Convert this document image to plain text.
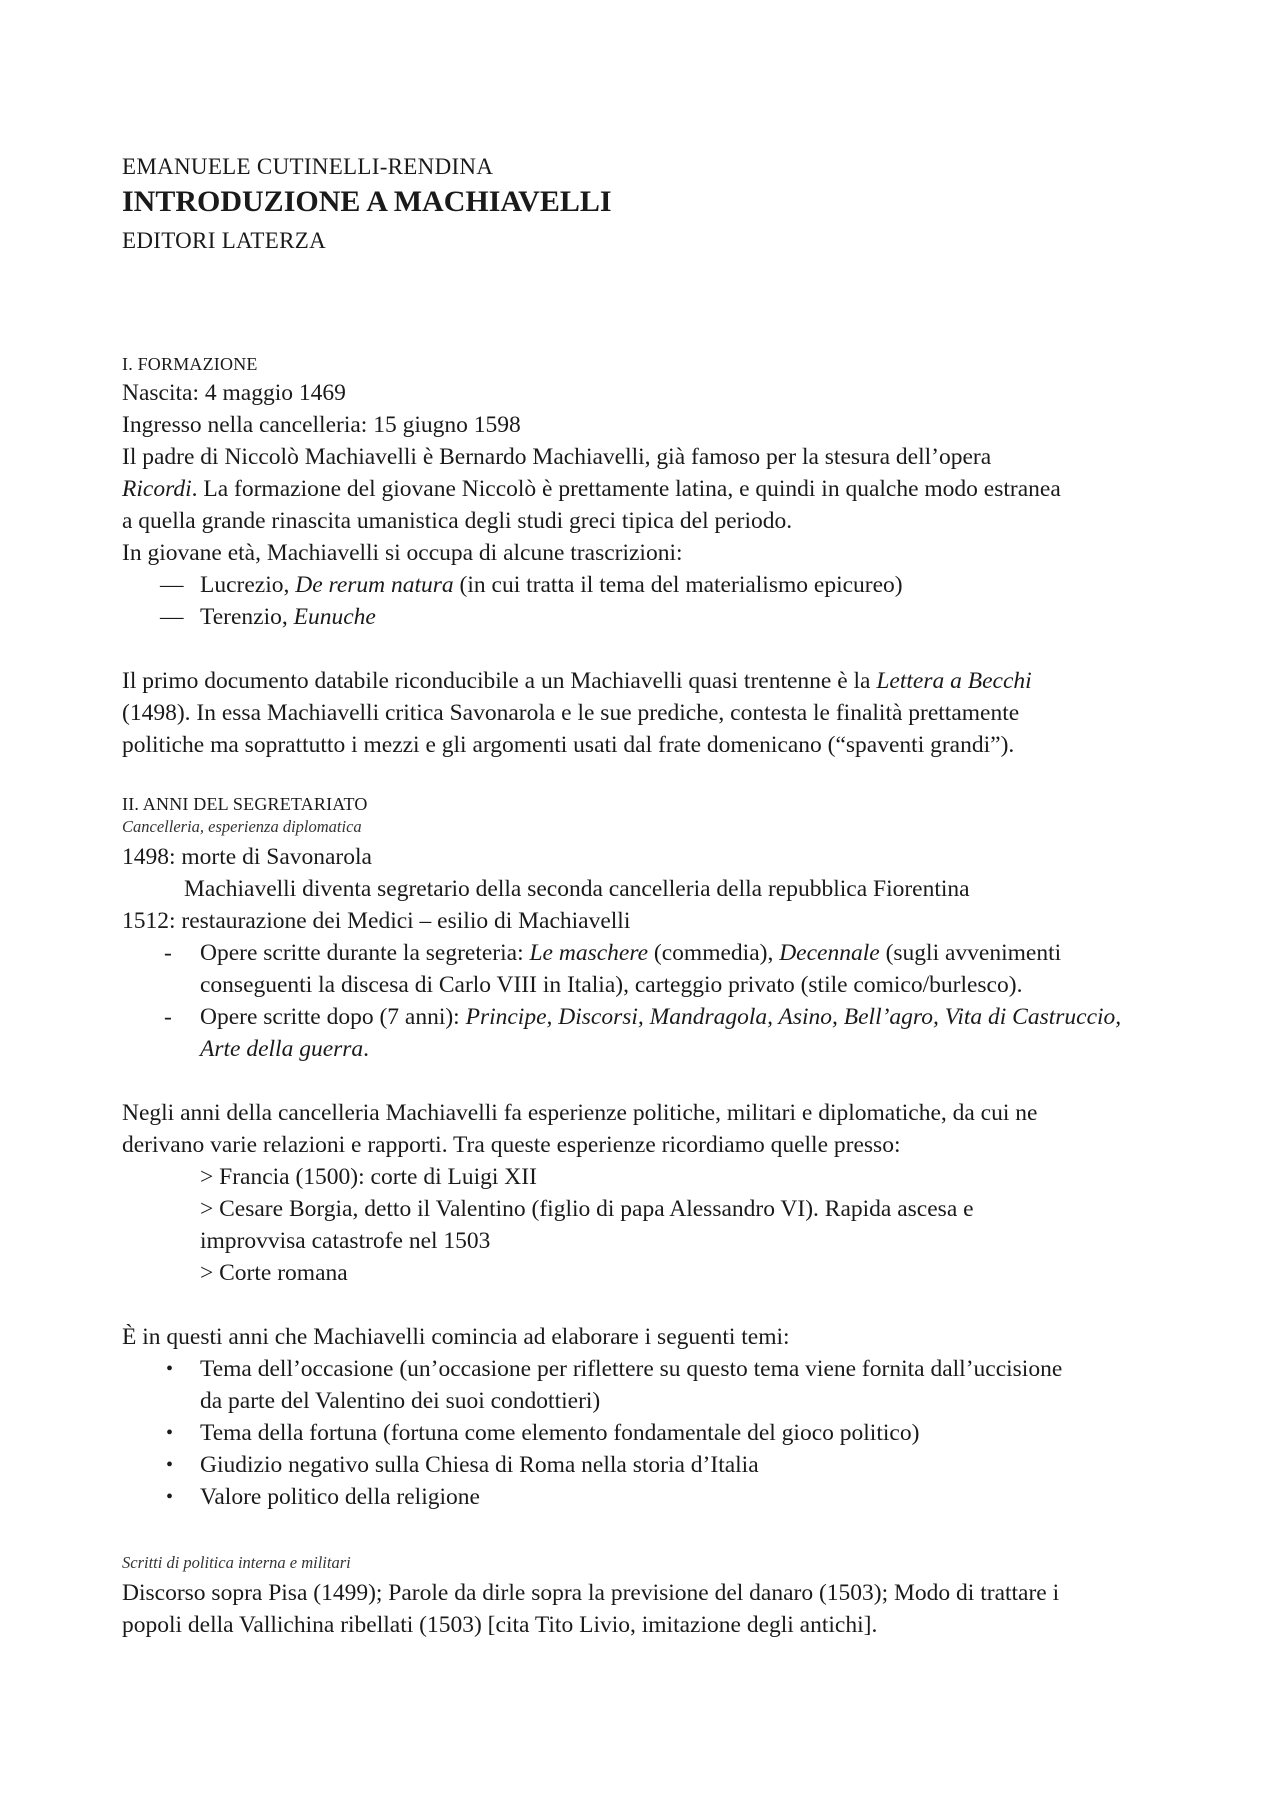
EMANUELE CUTINELLI-RENDINA
INTRODUZIONE A MACHIAVELLI
EDITORI LATERZA
I. FORMAZIONE
Nascita: 4 maggio 1469
Ingresso nella cancelleria: 15 giugno 1598
Il padre di Niccolò Machiavelli è Bernardo Machiavelli, già famoso per la stesura dell’opera
Ricordi. La formazione del giovane Niccolò è prettamente latina, e quindi in qualche modo estranea
a quella grande rinascita umanistica degli studi greci tipica del periodo.
In giovane età, Machiavelli si occupa di alcune trascrizioni:
— Lucrezio, De rerum natura (in cui tratta il tema del materialismo epicureo)
— Terenzio, Eunuche
Il primo documento databile riconducibile a un Machiavelli quasi trentenne è la Lettera a Becchi
(1498). In essa Machiavelli critica Savonarola e le sue prediche, contesta le finalità prettamente
politiche ma soprattutto i mezzi e gli argomenti usati dal frate domenicano (“spaventi grandi”).
II. ANNI DEL SEGRETARIATO
Cancelleria, esperienza diplomatica
1498: morte di Savonarola
Machiavelli diventa segretario della seconda cancelleria della repubblica Fiorentina
1512: restaurazione dei Medici – esilio di Machiavelli
- Opere scritte durante la segreteria: Le maschere (commedia), Decennale (sugli avvenimenti
conseguenti la discesa di Carlo VIII in Italia), carteggio privato (stile comico/burlesco).
- Opere scritte dopo (7 anni): Principe, Discorsi, Mandragola, Asino, Bell’agro, Vita di Castruccio,
Arte della guerra.
Negli anni della cancelleria Machiavelli fa esperienze politiche, militari e diplomatiche, da cui ne
derivano varie relazioni e rapporti. Tra queste esperienze ricordiamo quelle presso:
> Francia (1500): corte di Luigi XII
> Cesare Borgia, detto il Valentino (figlio di papa Alessandro VI). Rapida ascesa e
improvvisa catastrofe nel 1503
> Corte romana
È in questi anni che Machiavelli comincia ad elaborare i seguenti temi:
• Tema dell’occasione (un’occasione per riflettere su questo tema viene fornita dall’uccisione
da parte del Valentino dei suoi condottieri)
• Tema della fortuna (fortuna come elemento fondamentale del gioco politico)
• Giudizio negativo sulla Chiesa di Roma nella storia d’Italia
• Valore politico della religione
Scritti di politica interna e militari
Discorso sopra Pisa (1499); Parole da dirle sopra la previsione del danaro (1503); Modo di trattare i
popoli della Vallichina ribellati (1503) [cita Tito Livio, imitazione degli antichi].
